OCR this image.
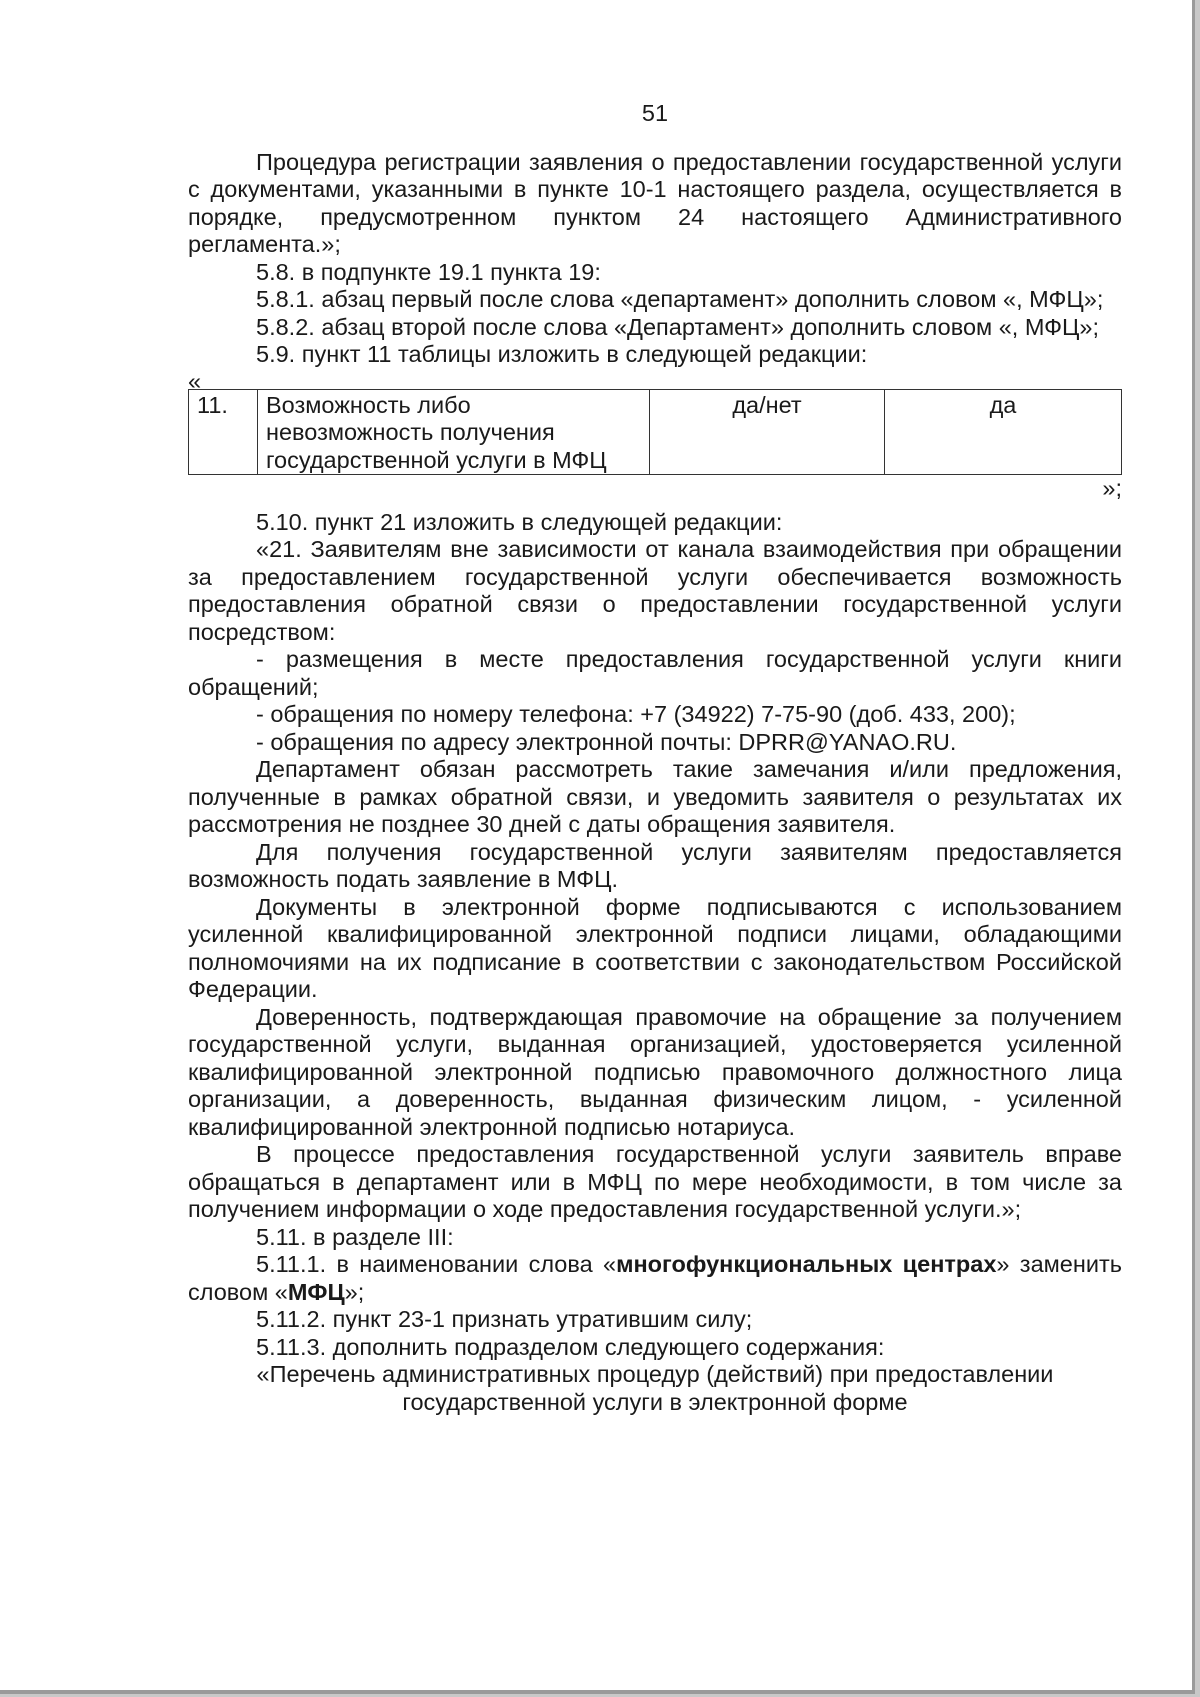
51

Процедура регистрации заявления о предоставлении государственной услуги с документами, указанными в пункте 10-1 настоящего раздела, осуществляется в порядке, предусмотренном пунктом 24 настоящего Административного регламента.»;

5.8. в подпункте 19.1 пункта 19:

5.8.1. абзац первый после слова «департамент» дополнить словом «, МФЦ»;

5.8.2. абзац второй после слова «Департамент» дополнить словом «, МФЦ»;

5.9. пункт 11 таблицы изложить в следующей редакции:

«

11.	Возможность либо невозможность получения государственной услуги в МФЦ	да/нет	да

»;

5.10. пункт 21 изложить в следующей редакции:

«21. Заявителям вне зависимости от канала взаимодействия при обращении за предоставлением государственной услуги обеспечивается возможность предоставления обратной связи о предоставлении государственной услуги посредством:

- размещения в месте предоставления государственной услуги книги обращений;

- обращения по номеру телефона: +7 (34922) 7-75-90 (доб. 433, 200);

- обращения по адресу электронной почты: DPRR@YANAO.RU.

Департамент обязан рассмотреть такие замечания и/или предложения, полученные в рамках обратной связи, и уведомить заявителя о результатах их рассмотрения не позднее 30 дней с даты обращения заявителя.

Для получения государственной услуги заявителям предоставляется возможность подать заявление в МФЦ.

Документы в электронной форме подписываются с использованием усиленной квалифицированной электронной подписи лицами, обладающими полномочиями на их подписание в соответствии с законодательством Российской Федерации.

Доверенность, подтверждающая правомочие на обращение за получением государственной услуги, выданная организацией, удостоверяется усиленной квалифицированной электронной подписью правомочного должностного лица организации, а доверенность, выданная физическим лицом, - усиленной квалифицированной электронной подписью нотариуса.

В процессе предоставления государственной услуги заявитель вправе обращаться в департамент или в МФЦ по мере необходимости, в том числе за получением информации о ходе предоставления государственной услуги.»;

5.11. в разделе III:

5.11.1. в наименовании слова «многофункциональных центрах» заменить словом «МФЦ»;

5.11.2. пункт 23-1 признать утратившим силу;

5.11.3. дополнить подразделом следующего содержания:

«Перечень административных процедур (действий) при предоставлении

государственной услуги в электронной форме
